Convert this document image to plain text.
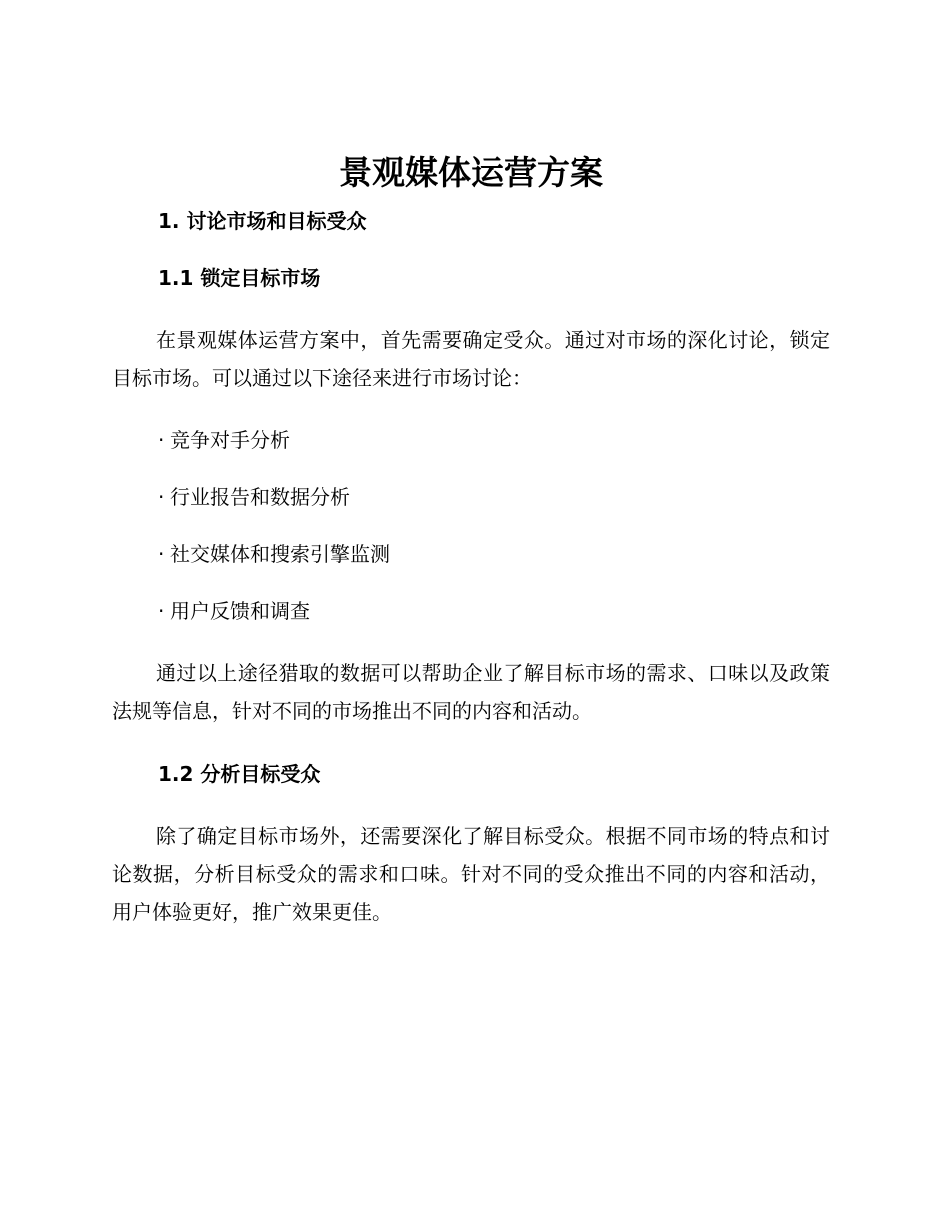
景观媒体运营方案
1. 讨论市场和目标受众
1.1 锁定目标市场

在景观媒体运营方案中，首先需要确定受众。通过对市场的深化讨论，锁定目标市场。可以通过以下途径来进行市场讨论：

· 竞争对手分析
· 行业报告和数据分析
· 社交媒体和搜索引擎监测
· 用户反馈和调查

通过以上途径猎取的数据可以帮助企业了解目标市场的需求、口味以及政策法规等信息，针对不同的市场推出不同的内容和活动。

1.2 分析目标受众

除了确定目标市场外，还需要深化了解目标受众。根据不同市场的特点和讨论数据，分析目标受众的需求和口味。针对不同的受众推出不同的内容和活动，用户体验更好，推广效果更佳。
